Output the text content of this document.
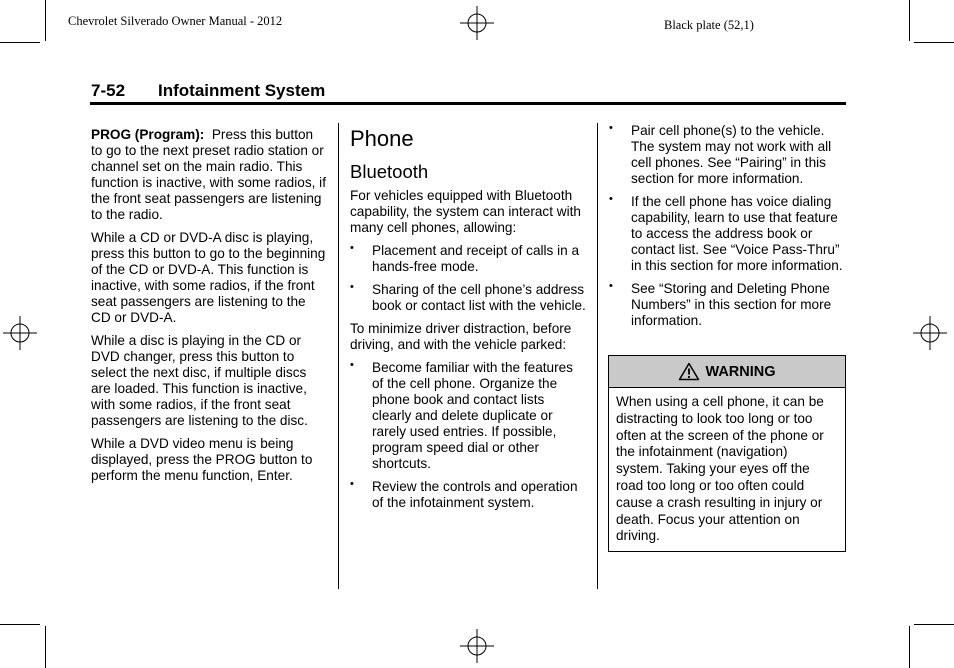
Chevrolet Silverado Owner Manual - 2012	Black plate (52,1)
7-52 Infotainment System

PROG (Program): Press this button to go to the next preset radio station or channel set on the main radio. This function is inactive, with some radios, if the front seat passengers are listening to the radio.

While a CD or DVD-A disc is playing, press this button to go to the beginning of the CD or DVD-A. This function is inactive, with some radios, if the front seat passengers are listening to the CD or DVD-A.

While a disc is playing in the CD or DVD changer, press this button to select the next disc, if multiple discs are loaded. This function is inactive, with some radios, if the front seat passengers are listening to the disc.

While a DVD video menu is being displayed, press the PROG button to perform the menu function, Enter.

Phone
Bluetooth

For vehicles equipped with Bluetooth capability, the system can interact with many cell phones, allowing:

• Placement and receipt of calls in a hands-free mode.
• Sharing of the cell phone’s address book or contact list with the vehicle.

To minimize driver distraction, before driving, and with the vehicle parked:

• Become familiar with the features of the cell phone. Organize the phone book and contact lists clearly and delete duplicate or rarely used entries. If possible, program speed dial or other shortcuts.
• Review the controls and operation of the infotainment system.
• Pair cell phone(s) to the vehicle. The system may not work with all cell phones. See “Pairing” in this section for more information.
• If the cell phone has voice dialing capability, learn to use that feature to access the address book or contact list. See “Voice Pass-Thru” in this section for more information.
• See “Storing and Deleting Phone Numbers” in this section for more information.
WARNING
When using a cell phone, it can be distracting to look too long or too often at the screen of the phone or the infotainment (navigation) system. Taking your eyes off the road too long or too often could cause a crash resulting in injury or death. Focus your attention on driving.
